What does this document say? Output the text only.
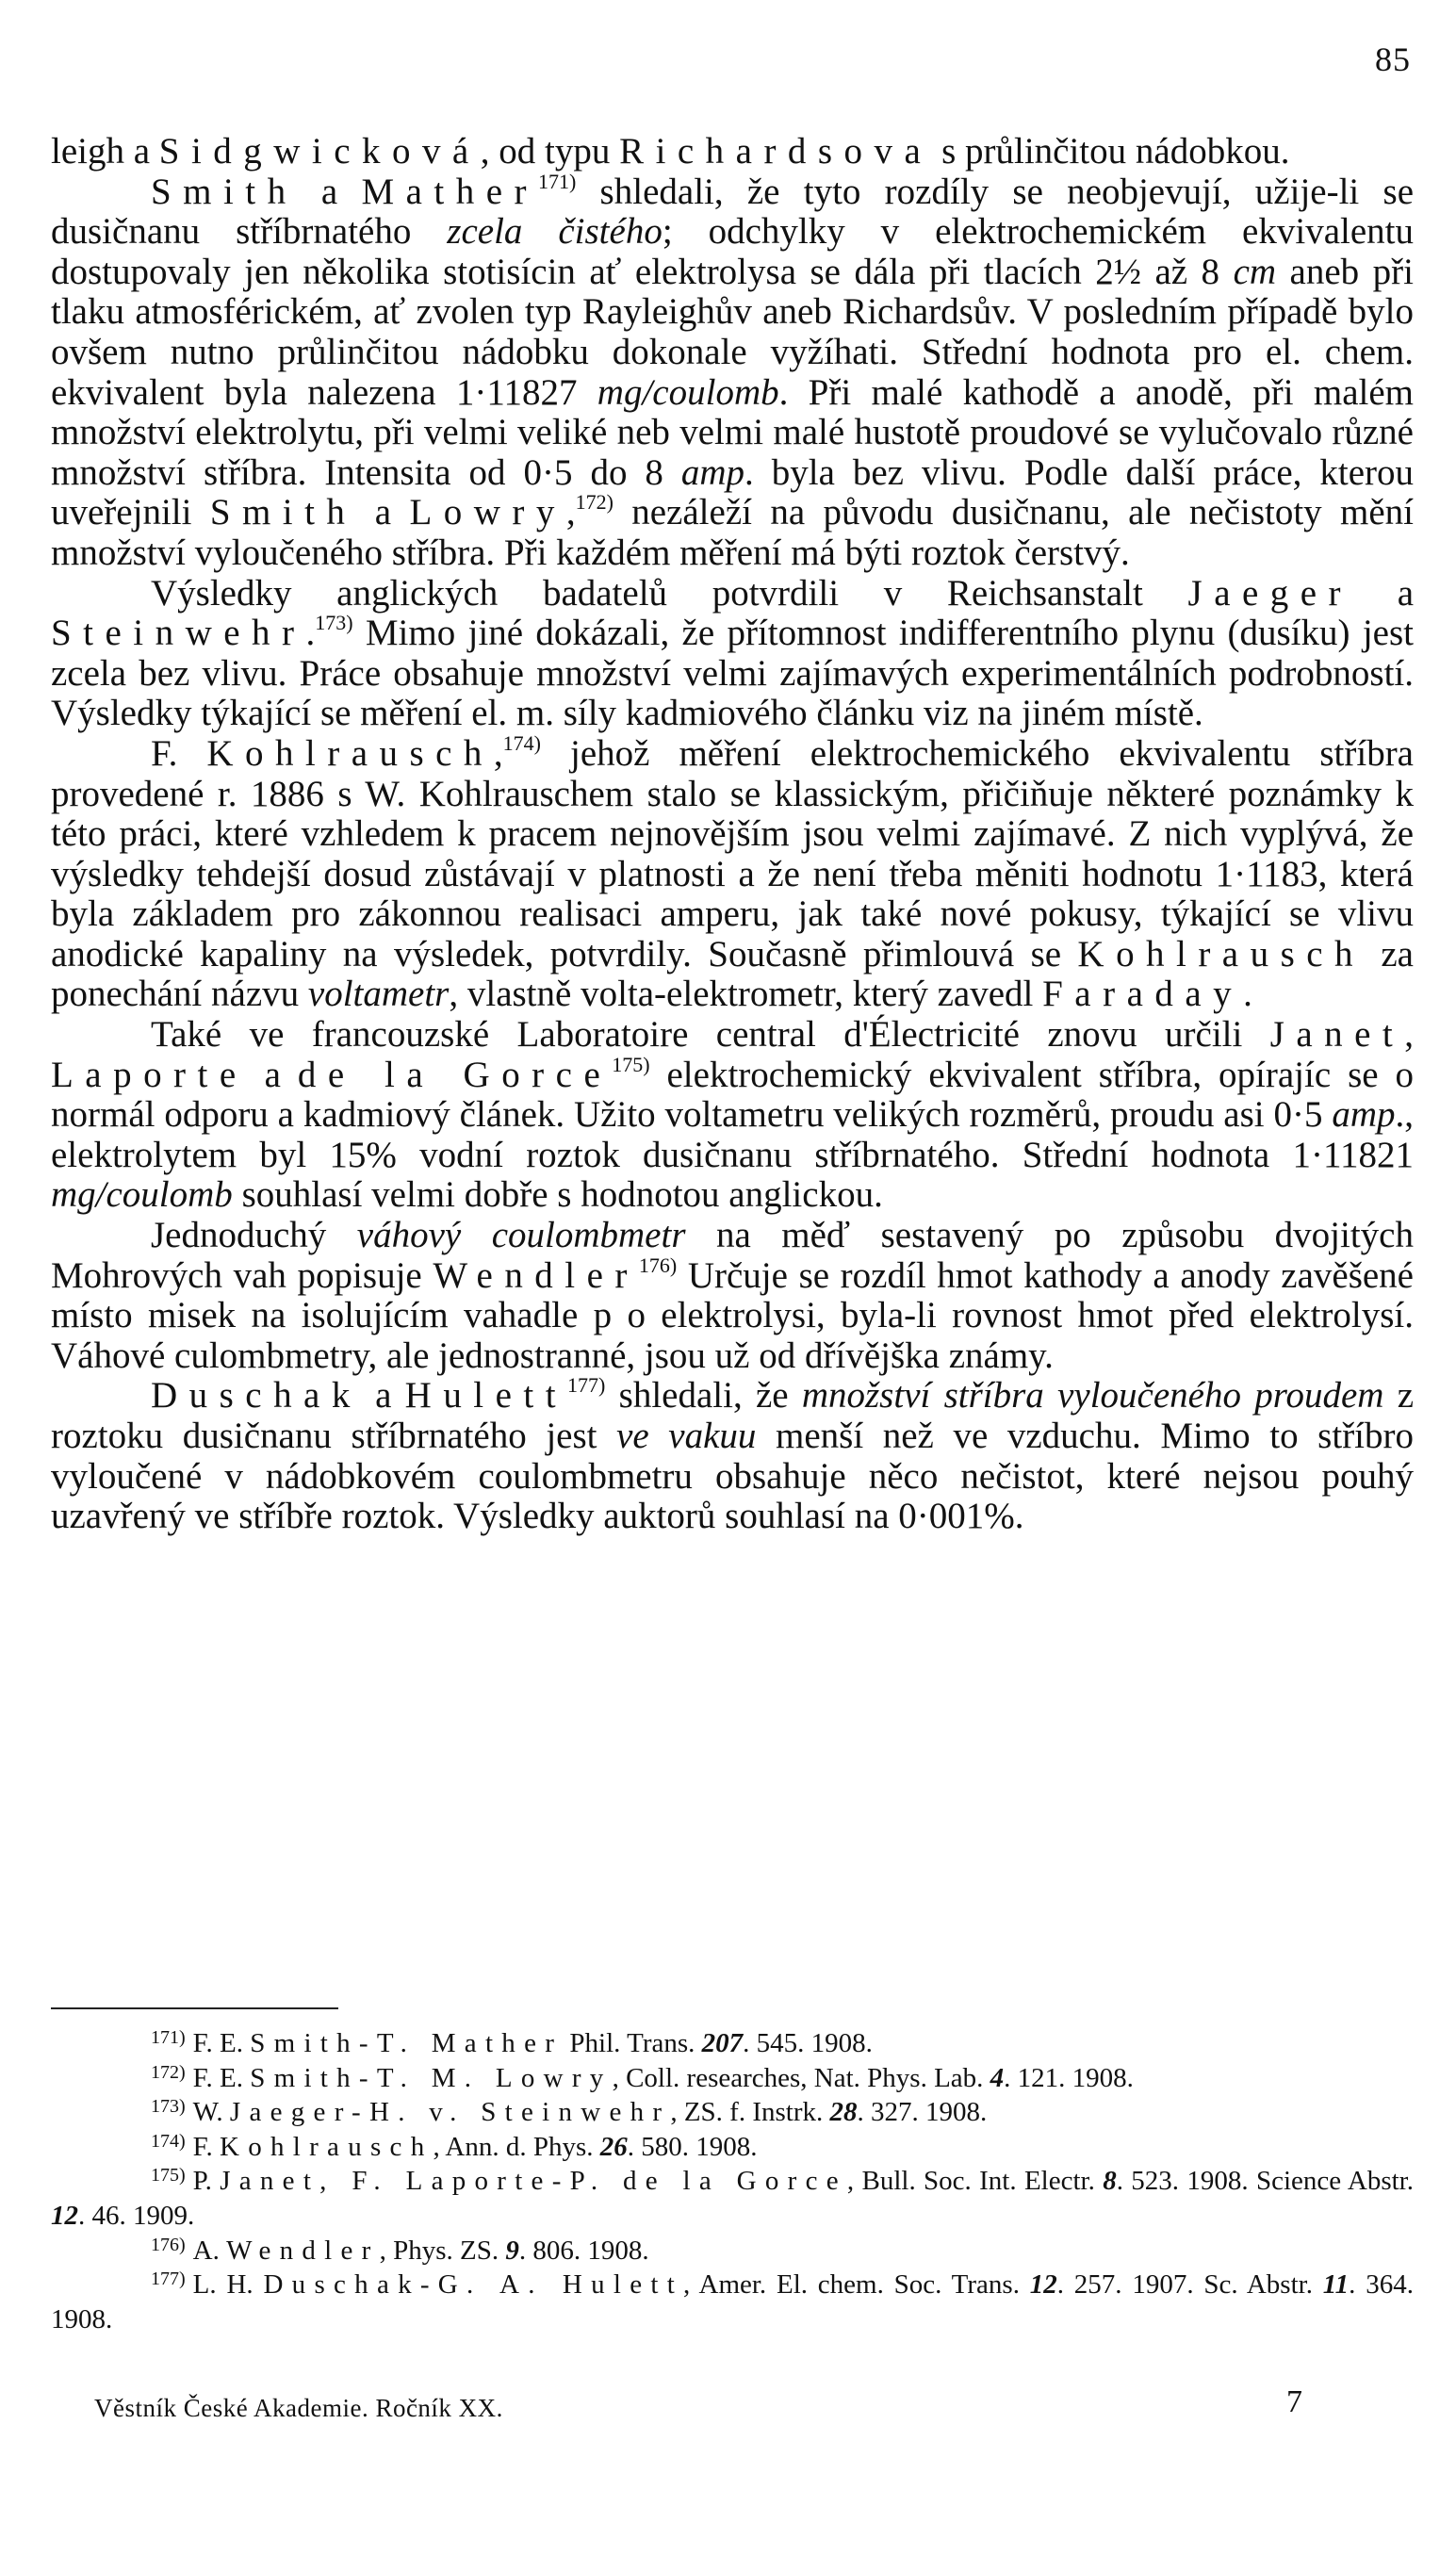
85

leigh a Sidgwicková, od typu Richardsova s průlinčitou nádobkou.

Smith a Mather$^{171)}$ shledali, že tyto rozdíly se neobjevují, užije-li se dusičnanu stříbrnatého zcela čistého; odchylky v elektrochemickém ekvivalentu dostupovaly jen několika stotisícin ať elektrolysa se dála při tlacích 2½ až 8 cm aneb při tlaku atmosférickém, ať zvolen typ Rayleighův aneb Richardsův. V posledním případě bylo ovšem nutno průlinčitou nádobku dokonale vyžíhati. Střední hodnota pro el. chem. ekvivalent byla nalezena 1·11827 mg/coulomb. Při malé kathodě a anodě, při malém množství elektrolytu, při velmi veliké neb velmi malé hustotě proudové se vylučovalo různé množství stříbra. Intensita od 0·5 do 8 amp. byla bez vlivu. Podle další práce, kterou uveřejnili Smith a Lowry,$^{172)}$ nezáleží na původu dusičnanu, ale nečistoty mění množství vyloučeného stříbra. Při každém měření má býti roztok čerstvý.

Výsledky anglických badatelů potvrdili v Reichsanstalt Jaeger a Steinwehr.$^{173)}$ Mimo jiné dokázali, že přítomnost indifferentního plynu (dusíku) jest zcela bez vlivu. Práce obsahuje množství velmi zajímavých experimentálních podrobností. Výsledky týkající se měření el. m. síly kadmiového článku viz na jiném místě.

F. Kohlrausch,$^{174)}$ jehož měření elektrochemického ekvivalentu stříbra provedené r. 1886 s W. Kohlrauschem stalo se klassickým, přičiňuje některé poznámky k této práci, které vzhledem k pracem nejnovějším jsou velmi zajímavé. Z nich vyplývá, že výsledky tehdejší dosud zůstávají v platnosti a že není třeba měniti hodnotu 1·1183, která byla základem pro zákonnou realisaci amperu, jak také nové pokusy, týkající se vlivu anodické kapaliny na výsledek, potvrdily. Současně přimlouvá se Kohlrausch za ponechání názvu voltametr, vlastně volta-elektrometr, který zavedl Faraday.

Také ve francouzské Laboratoire central d'Électricité znovu určili Janet, Laporte a de la Gorce$^{175)}$ elektrochemický ekvivalent stříbra, opírajíc se o normál odporu a kadmiový článek. Užito voltametru velikých rozměrů, proudu asi 0·5 amp., elektrolytem byl 15% vodní roztok dusičnanu stříbrnatého. Střední hodnota 1·11821 mg/coulomb souhlasí velmi dobře s hodnotou anglickou.

Jednoduchý váhový coulombmetr na měď sestavený po způsobu dvojitých Mohrových vah popisuje Wendler$^{176)}$ Určuje se rozdíl hmot kathody a anody zavěšené místo misek na isolujícím vahadle p o elektrolysi, byla-li rovnost hmot před elektrolysí. Váhové culombmetry, ale jednostranné, jsou už od dřívějška známy.

Duschak a Hulett$^{177)}$ shledali, že množství stříbra vyloučeného proudem z roztoku dusičnanu stříbrnatého jest ve vakuu menší než ve vzduchu. Mimo to stříbro vyloučené v nádobkovém coulombmetru obsahuje něco nečistot, které nejsou pouhý uzavřený ve stříbře roztok. Výsledky auktorů souhlasí na 0·001%.

$^{171)}$ F. E. Smith-T. Mather Phil. Trans. 207. 545. 1908.

$^{172)}$ F. E. Smith-T. M. Lowry, Coll. researches, Nat. Phys. Lab. 4. 121. 1908.

$^{173)}$ W. Jaeger-H. v. Steinwehr, ZS. f. Instrk. 28. 327. 1908.

$^{174)}$ F. Kohlrausch, Ann. d. Phys. 26. 580. 1908.

$^{175)}$ P. Janet, F. Laporte-P. de la Gorce, Bull. Soc. Int. Electr. 8. 523. 1908. Science Abstr. 12. 46. 1909.

$^{176)}$ A. Wendler, Phys. ZS. 9. 806. 1908.

$^{177)}$ L. H. Duschak-G. A. Hulett, Amer. El. chem. Soc. Trans. 12. 257. 1907. Sc. Abstr. 11. 364. 1908.

Věstník České Akademie. Ročník XX.	7
